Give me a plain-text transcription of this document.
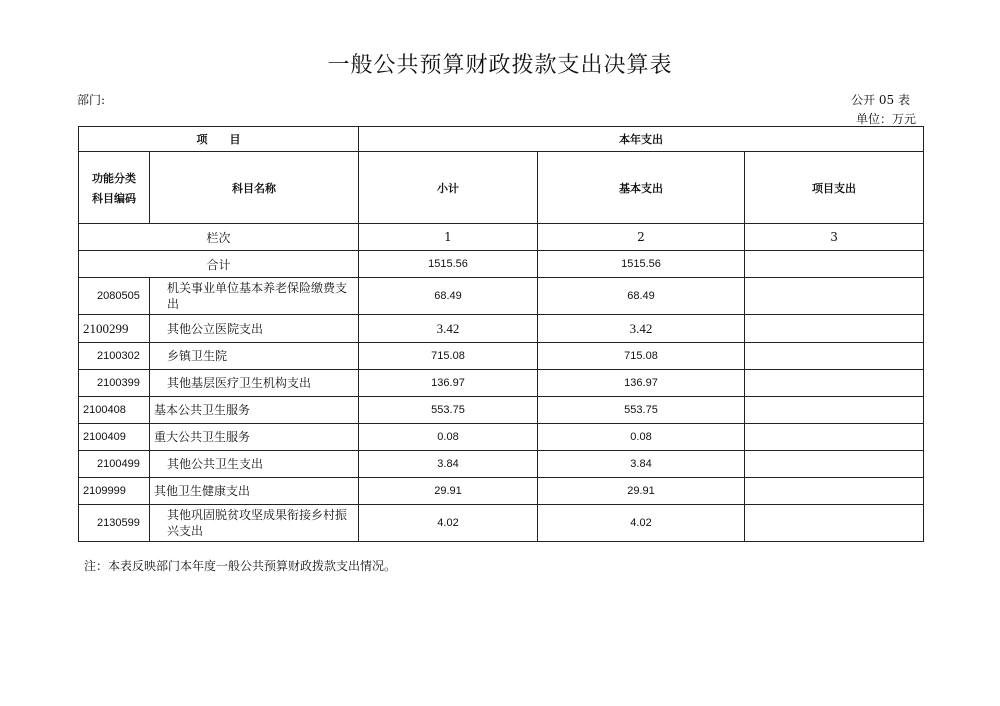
一般公共预算财政拨款支出决算表
部门:	公开 05 表
单位：万元
项　　目		本年支出		

功能分类
科目编码	科目名称	小计	基本支出	项目支出
栏次		1	2	3
合计		1515.56	1515.56	
2080505	机关事业单位基本养老保险缴费支出	68.49	68.49	
2100299	其他公立医院支出	3.42	3.42	
2100302	乡镇卫生院	715.08	715.08	
2100399	其他基层医疗卫生机构支出	136.97	136.97	
2100408	基本公共卫生服务	553.75	553.75	
2100409	重大公共卫生服务	0.08	0.08	
2100499	其他公共卫生支出	3.84	3.84	
2109999	其他卫生健康支出	29.91	29.91	
2130599	其他巩固脱贫攻坚成果衔接乡村振兴支出	4.02	4.02	
注：本表反映部门本年度一般公共预算财政拨款支出情况。
